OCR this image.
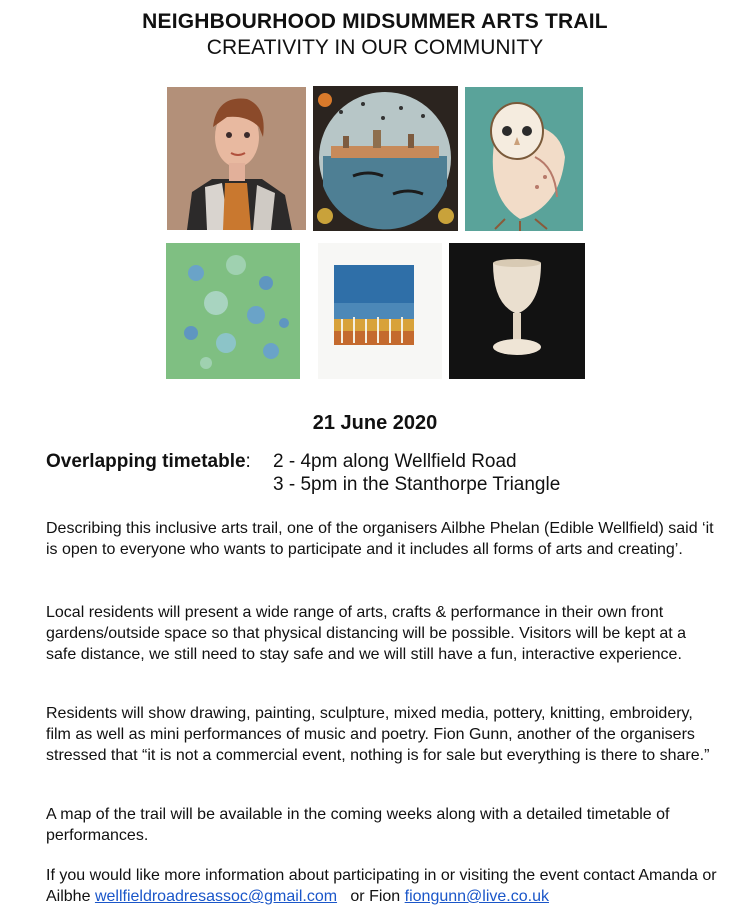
NEIGHBOURHOOD MIDSUMMER ARTS TRAIL
CREATIVITY IN OUR COMMUNITY
21 June 2020
Overlapping timetable: 2 - 4pm along Wellfield Road
3 - 5pm in the Stanthorpe Triangle

Describing this inclusive arts trail, one of the organisers Ailbhe Phelan (Edible Wellfield) said ‘it is open to everyone who wants to participate and it includes all forms of arts and creating’.

Local residents will present a wide range of arts, crafts & performance in their own front gardens/outside space so that physical distancing will be possible. Visitors will be kept at a safe distance, we still need to stay safe and we will still have a fun, interactive experience.

Residents will show drawing, painting, sculpture, mixed media, pottery, knitting, embroidery, film as well as mini performances of music and poetry. Fion Gunn, another of the organisers stressed that “it is not a commercial event, nothing is for sale but everything is there to share.”

A map of the trail will be available in the coming weeks along with a detailed timetable of performances.

If you would like more information about participating in or visiting the event contact Amanda or Ailbhe wellfieldroadresassoc@gmail.com or Fion fiongunn@live.co.uk
